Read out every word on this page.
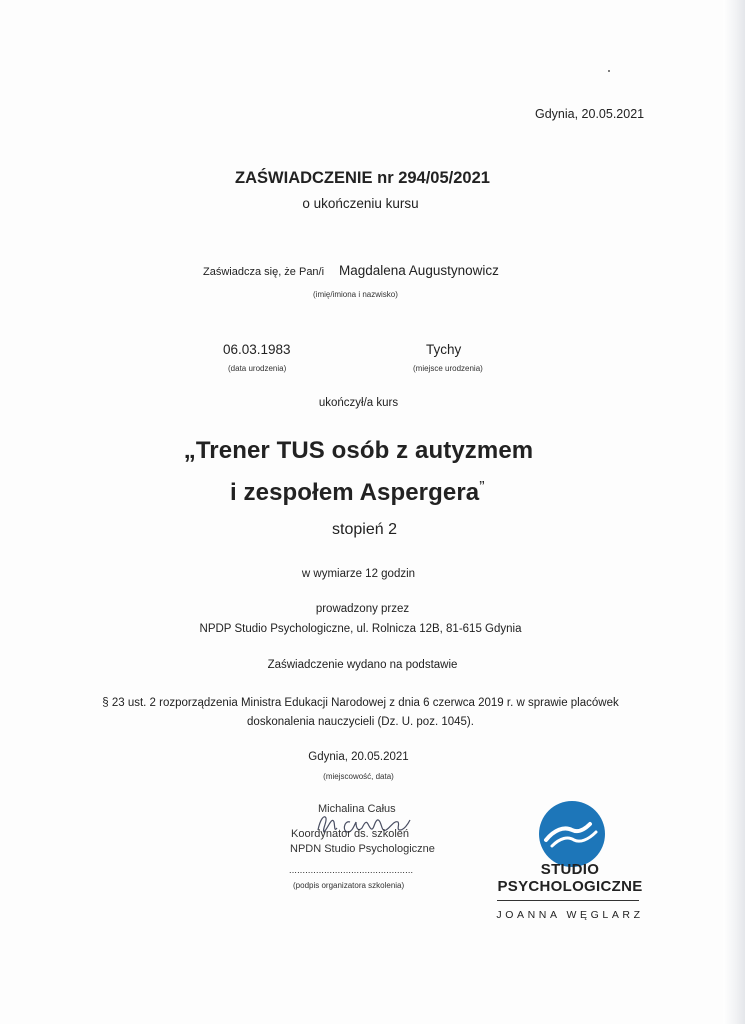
Gdynia, 20.05.2021
ZAŚWIADCZENIE nr 294/05/2021
o ukończeniu kursu
Zaświadcza się, że Pan/i Magdalena Augustynowicz
(imię/imiona i nazwisko)
06.03.1983
(data urodzenia)
Tychy
(miejsce urodzenia)
ukończył/a kurs
„Trener TUS osób z autyzmem
i zespołem Aspergera”
stopień 2
w wymiarze 12 godzin
prowadzony przez
NPDP Studio Psychologiczne, ul. Rolnicza 12B, 81-615 Gdynia
Zaświadczenie wydano na podstawie
§ 23 ust. 2 rozporządzenia Ministra Edukacji Narodowej z dnia 6 czerwca 2019 r. w sprawie placówek
doskonalenia nauczycieli (Dz. U. poz. 1045).
Gdynia, 20.05.2021
(miejscowość, data)
Michalina Całus
Koordynator ds. szkoleń
NPDN Studio Psychologiczne
..............................................
(podpis organizatora szkolenia)
STUDIO
PSYCHOLOGICZNE
JOANNA WĘGLARZ
